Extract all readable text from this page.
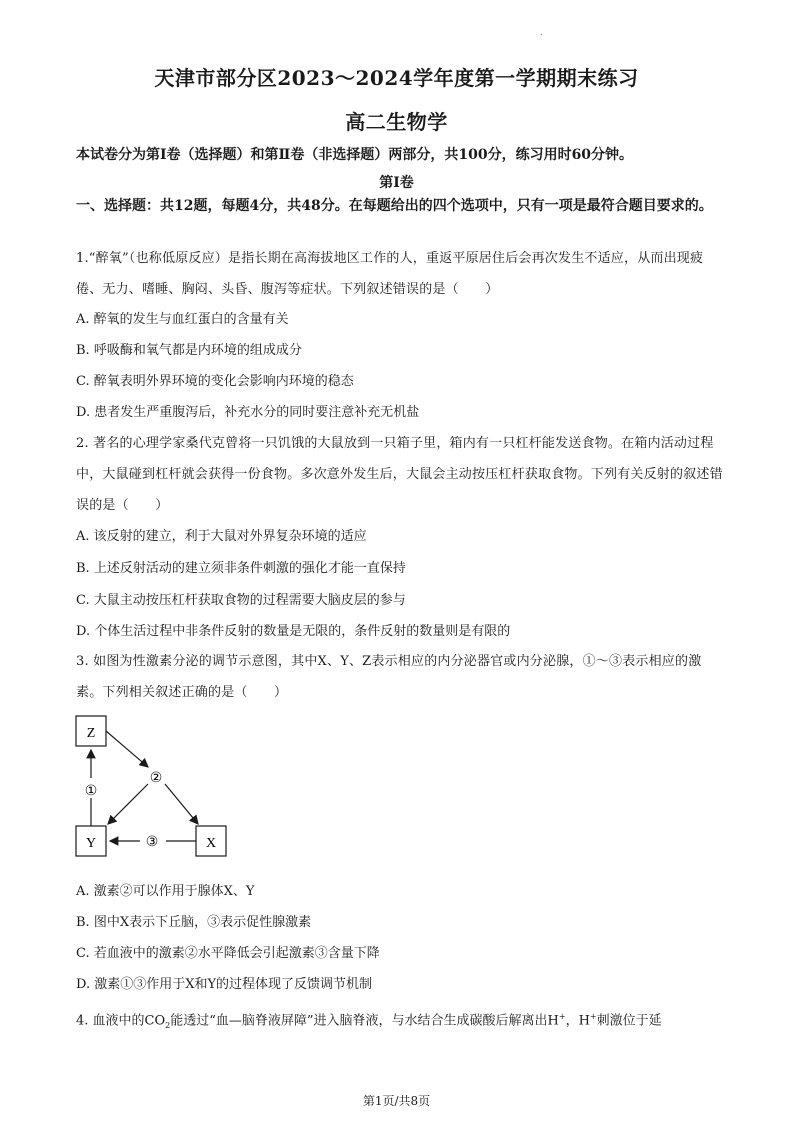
.
天津市部分区2023～2024学年度第一学期期末练习
高二生物学
本试卷分为第Ⅰ卷（选择题）和第Ⅱ卷（非选择题）两部分，共100分，练习用时60分钟。
第Ⅰ卷
一、选择题：共12题，每题4分，共48分。在每题给出的四个选项中，只有一项是最符合题目要求的。
1.“醉氧”（也称低原反应）是指长期在高海拔地区工作的人，重返平原居住后会再次发生不适应，从而出现疲倦、无力、嗜睡、胸闷、头昏、腹泻等症状。下列叙述错误的是（　　）
A. 醉氧的发生与血红蛋白的含量有关
B. 呼吸酶和氧气都是内环境的组成成分
C. 醉氧表明外界环境的变化会影响内环境的稳态
D. 患者发生严重腹泻后，补充水分的同时要注意补充无机盐
2. 著名的心理学家桑代克曾将一只饥饿的大鼠放到一只箱子里，箱内有一只杠杆能发送食物。在箱内活动过程中，大鼠碰到杠杆就会获得一份食物。多次意外发生后，大鼠会主动按压杠杆获取食物。下列有关反射的叙述错误的是（　　）
A. 该反射的建立，利于大鼠对外界复杂环境的适应
B. 上述反射活动的建立须非条件刺激的强化才能一直保持
C. 大鼠主动按压杠杆获取食物的过程需要大脑皮层的参与
D. 个体生活过程中非条件反射的数量是无限的，条件反射的数量则是有限的
3. 如图为性激素分泌的调节示意图，其中X、Y、Z表示相应的内分泌器官或内分泌腺，①～③表示相应的激素。下列相关叙述正确的是（　　）
Z
Y	X
①
②
③
A. 激素②可以作用于腺体X、Y
B. 图中X表示下丘脑，③表示促性腺激素
C. 若血液中的激素②水平降低会引起激素③含量下降
D. 激素①③作用于X和Y的过程体现了反馈调节机制
4. 血液中的$CO_2$能透过“血—脑脊液屏障”进入脑脊液，与水结合生成碳酸后解离出H+，H+刺激位于延
第1页/共8页
